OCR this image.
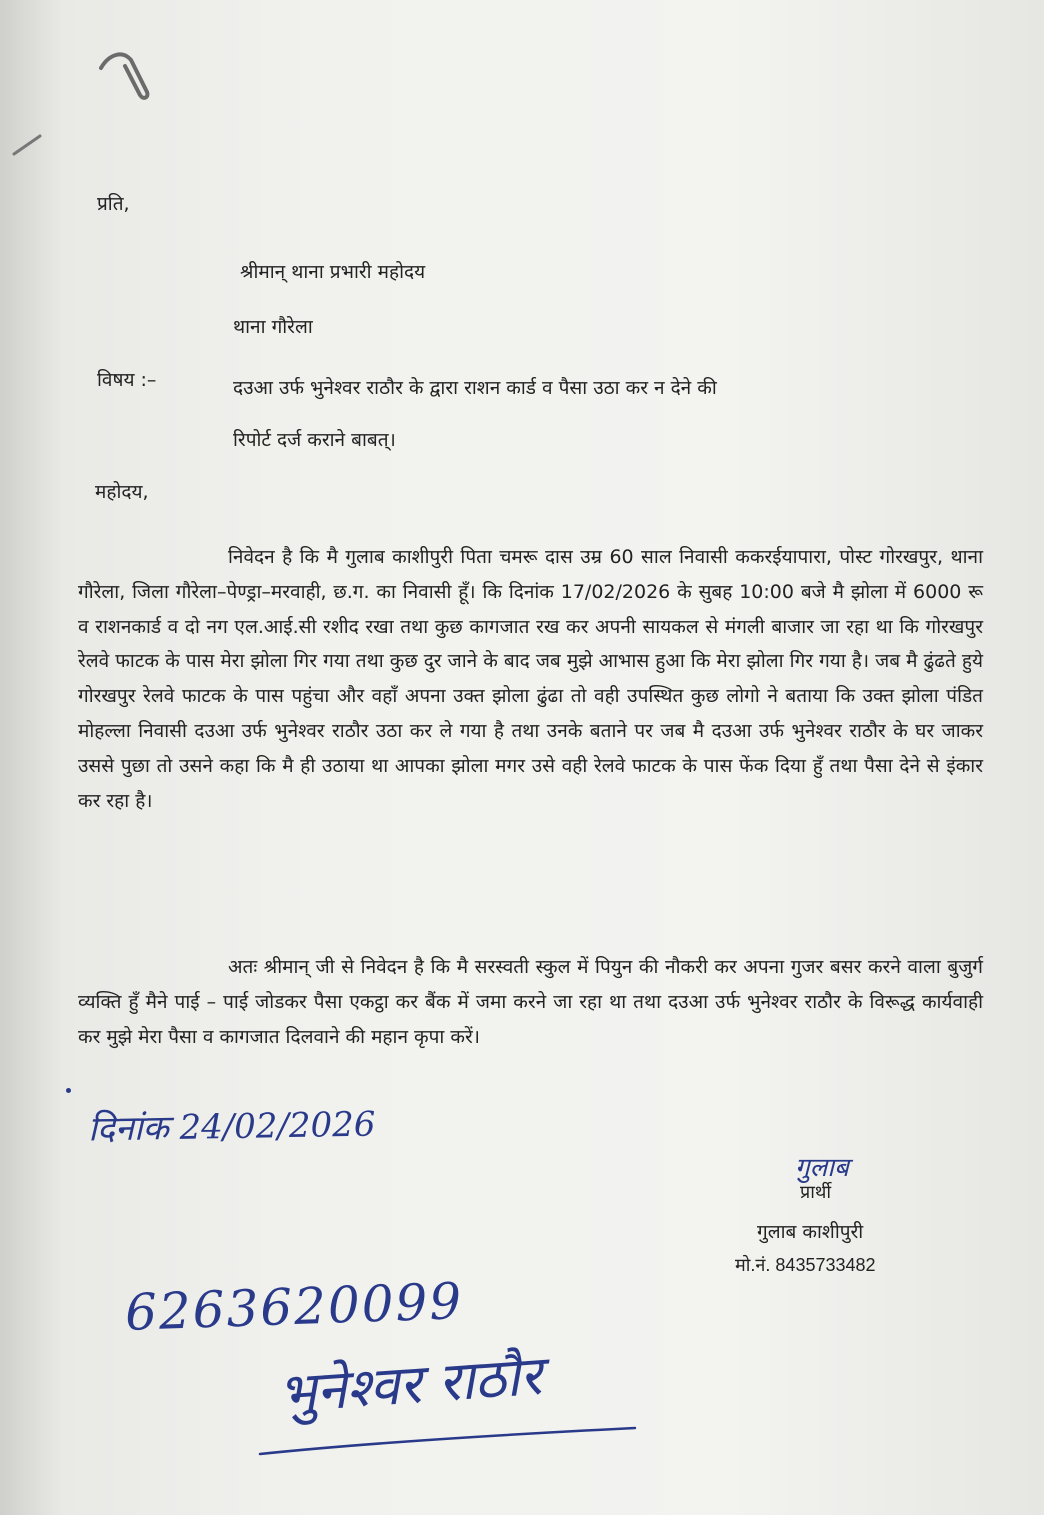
प्रति,
श्रीमान् थाना प्रभारी महोदय
थाना गौरेला
विषय :–	दउआ उर्फ भुनेश्वर राठौर के द्वारा राशन कार्ड व पैसा उठा कर न देने की
रिपोर्ट दर्ज कराने बाबत्।
महोदय,

निवेदन है कि मै गुलाब काशीपुरी पिता चमरू दास उम्र 60 साल निवासी ककरईयापारा, पोस्ट गोरखपुर, थाना गौरेला, जिला गौरेला–पेण्ड्रा–मरवाही, छ.ग. का निवासी हूँ। कि दिनांक 17/02/2026 के सुबह 10:00 बजे मै झोला में 6000 रू व राशनकार्ड व दो नग एल.आई.सी रशीद रखा तथा कुछ कागजात रख कर अपनी सायकल से मंगली बाजार जा रहा था कि गोरखपुर रेलवे फाटक के पास मेरा झोला गिर गया तथा कुछ दुर जाने के बाद जब मुझे आभास हुआ कि मेरा झोला गिर गया है। जब मै ढुंढते हुये गोरखपुर रेलवे फाटक के पास पहुंचा और वहाँ अपना उक्त झोला ढुंढा तो वही उपस्थित कुछ लोगो ने बताया कि उक्त झोला पंडित मोहल्ला निवासी दउआ उर्फ भुनेश्वर राठौर उठा कर ले गया है तथा उनके बताने पर जब मै दउआ उर्फ भुनेश्वर राठौर के घर जाकर उससे पुछा तो उसने कहा कि मै ही उठाया था आपका झोला मगर उसे वही रेलवे फाटक के पास फेंक दिया हुँ तथा पैसा देने से इंकार कर रहा है।

अतः श्रीमान् जी से निवेदन है कि मै सरस्वती स्कुल में पियुन की नौकरी कर अपना गुजर बसर करने वाला बुजुर्ग व्यक्ति हुँ मैने पाई – पाई जोडकर पैसा एकट्ठा कर बैंक में जमा करने जा रहा था तथा दउआ उर्फ भुनेश्वर राठौर के विरूद्ध कार्यवाही कर मुझे मेरा पैसा व कागजात दिलवाने की महान कृपा करें।

दिनांक 24/02/2026
गुलाब
प्रार्थी
गुलाब काशीपुरी
मो.नं. 8435733482
6263620099
भुनेश्वर राठौर
